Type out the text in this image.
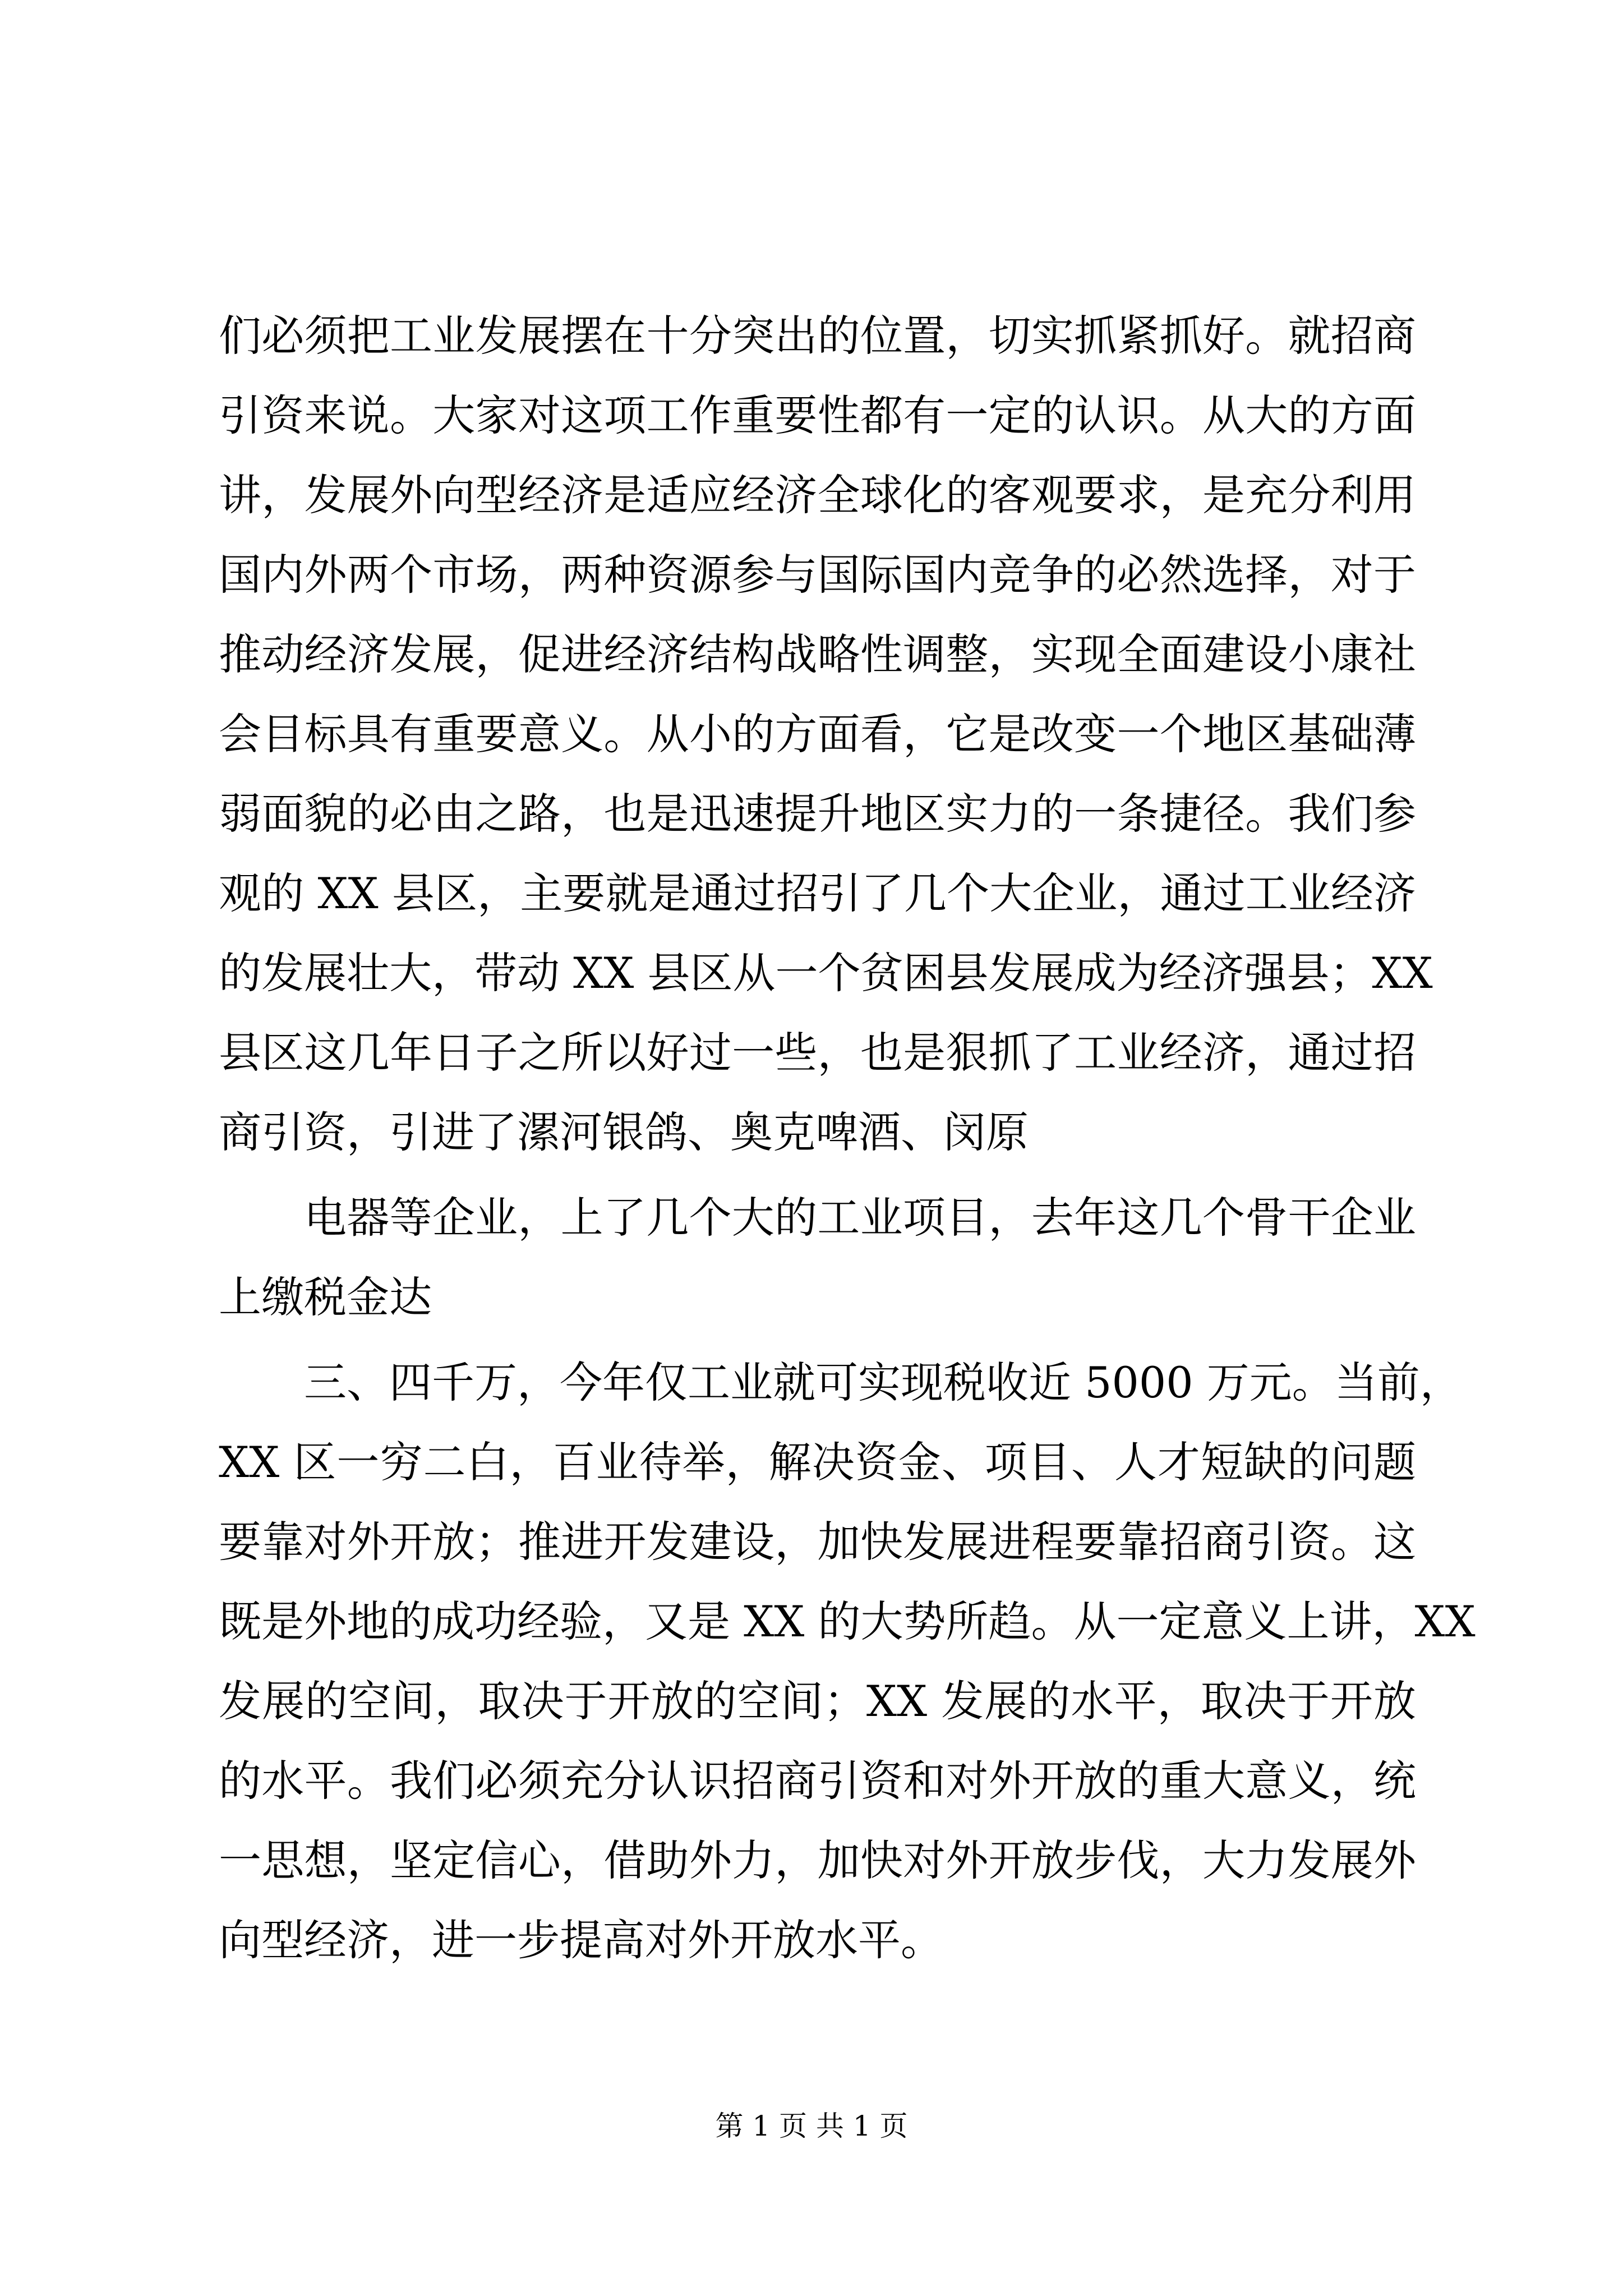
们必须把工业发展摆在十分突出的位置，切实抓紧抓好。就招商
引资来说。大家对这项工作重要性都有一定的认识。从大的方面
讲，发展外向型经济是适应经济全球化的客观要求，是充分利用
国内外两个市场，两种资源参与国际国内竞争的必然选择，对于
推动经济发展，促进经济结构战略性调整，实现全面建设小康社
会目标具有重要意义。从小的方面看，它是改变一个地区基础薄
弱面貌的必由之路，也是迅速提升地区实力的一条捷径。我们参
观的 XX 县区，主要就是通过招引了几个大企业，通过工业经济
的发展壮大，带动 XX 县区从一个贫困县发展成为经济强县；XX
县区这几年日子之所以好过一些，也是狠抓了工业经济，通过招
商引资，引进了漯河银鸽、奥克啤酒、闵原
电器等企业，上了几个大的工业项目，去年这几个骨干企业
上缴税金达
三、四千万，今年仅工业就可实现税收近 5000 万元。当前，
XX 区一穷二白，百业待举，解决资金、项目、人才短缺的问题
要靠对外开放；推进开发建设，加快发展进程要靠招商引资。这
既是外地的成功经验，又是 XX 的大势所趋。从一定意义上讲，XX
发展的空间，取决于开放的空间；XX 发展的水平，取决于开放
的水平。我们必须充分认识招商引资和对外开放的重大意义，统
一思想，坚定信心，借助外力，加快对外开放步伐，大力发展外
向型经济，进一步提高对外开放水平。
第 1 页 共 1 页
